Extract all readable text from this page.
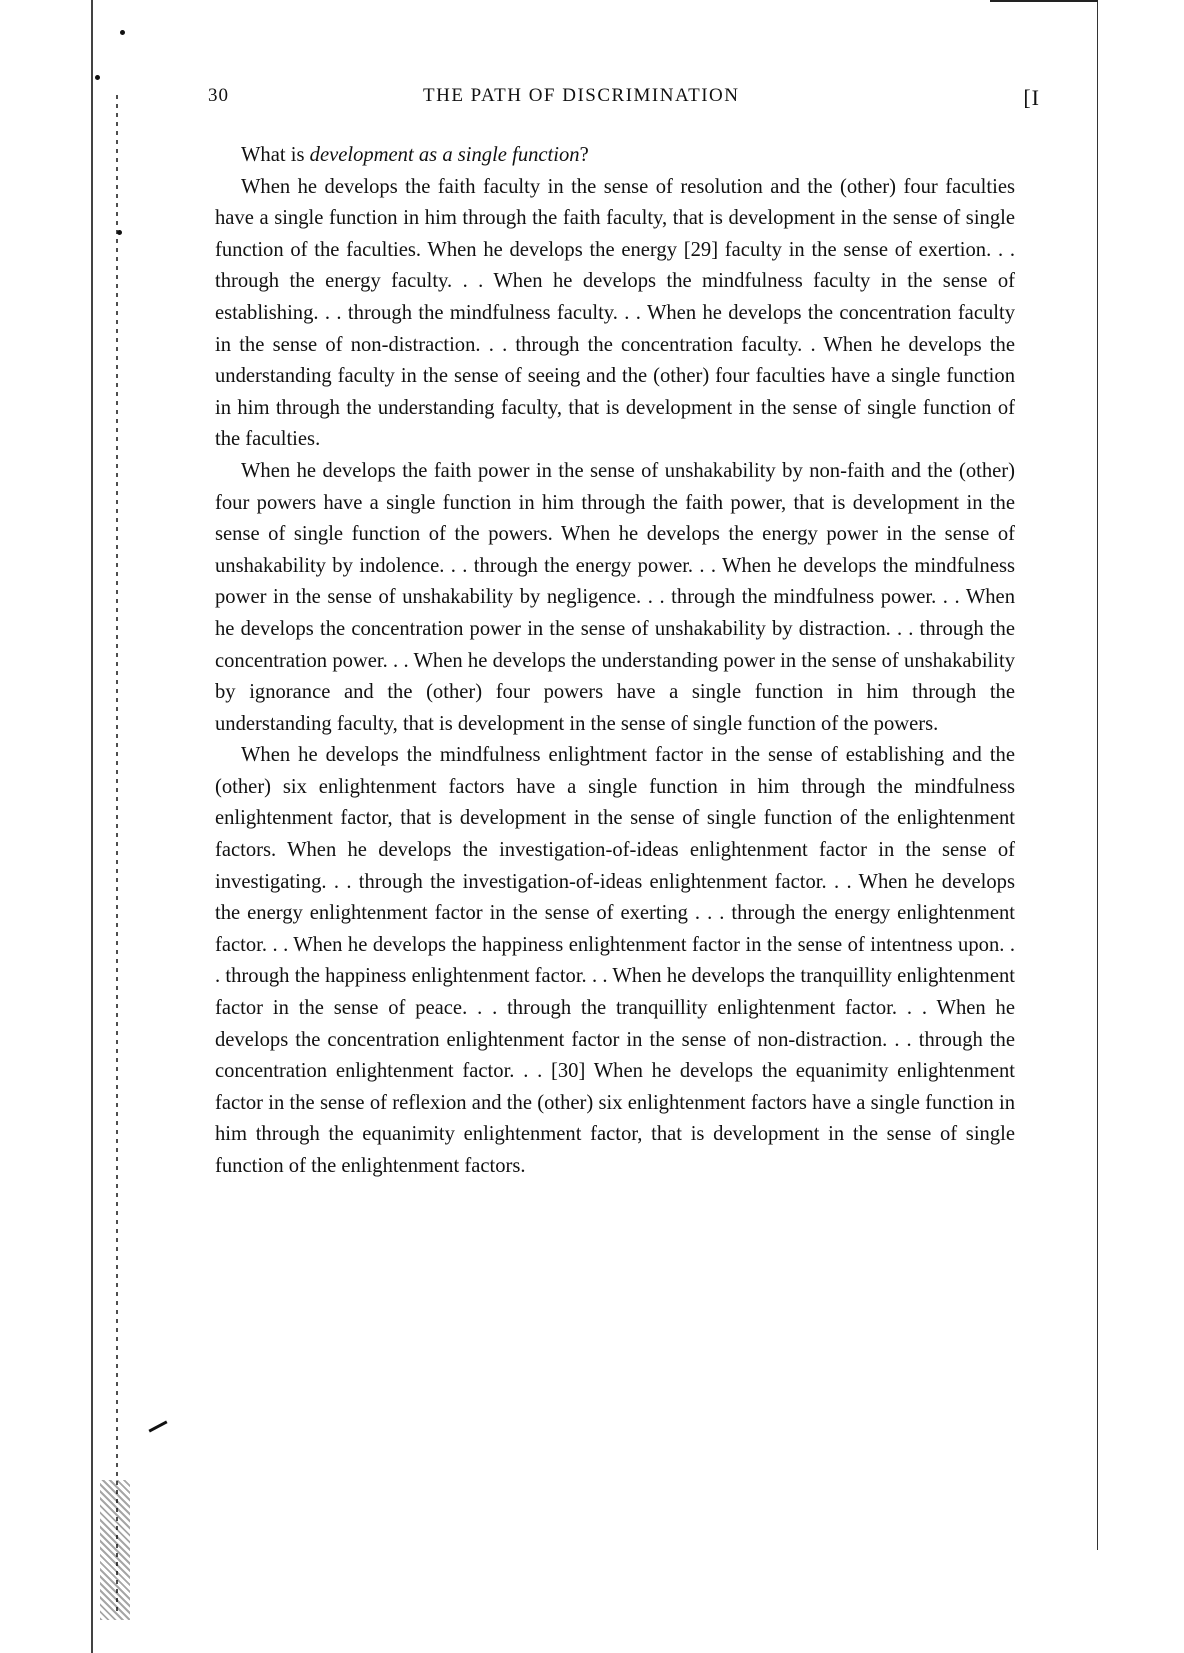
30	THE PATH OF DISCRIMINATION	[I

What is development as a single function?

When he develops the faith faculty in the sense of resolution and the (other) four faculties have a single function in him through the faith faculty, that is development in the sense of single function of the faculties. When he develops the energy [29] faculty in the sense of exertion. . . through the energy faculty. . . When he develops the mindfulness faculty in the sense of establishing. . . through the mindfulness faculty. . . When he develops the concentration faculty in the sense of non-distraction. . . through the concentration faculty. . When he develops the understanding faculty in the sense of seeing and the (other) four faculties have a single function in him through the understanding faculty, that is development in the sense of single function of the faculties.

When he develops the faith power in the sense of unshakability by non-faith and the (other) four powers have a single function in him through the faith power, that is development in the sense of single function of the powers. When he develops the energy power in the sense of unshakability by indolence. . . through the energy power. . . When he develops the mindfulness power in the sense of unshakability by negligence. . . through the mindfulness power. . . When he develops the concentration power in the sense of unshakability by distraction. . . through the concentration power. . . When he develops the understanding power in the sense of unshakability by ignorance and the (other) four powers have a single function in him through the understanding faculty, that is development in the sense of single function of the powers.

When he develops the mindfulness enlightment factor in the sense of establishing and the (other) six enlightenment factors have a single function in him through the mindfulness enlightenment factor, that is development in the sense of single function of the enlightenment factors. When he develops the investigation-of-ideas enlightenment factor in the sense of investigating. . . through the investigation-of-ideas enlightenment factor. . . When he develops the energy enlightenment factor in the sense of exerting . . . through the energy enlightenment factor. . . When he develops the happiness enlightenment factor in the sense of intentness upon. . . through the happiness enlightenment factor. . . When he develops the tranquillity enlightenment factor in the sense of peace. . . through the tranquillity enlightenment factor. . . When he develops the concentration enlightenment factor in the sense of non-distraction. . . through the concentration enlightenment factor. . . [30] When he develops the equanimity enlightenment factor in the sense of reflexion and the (other) six enlightenment factors have a single function in him through the equanimity enlightenment factor, that is development in the sense of single function of the enlightenment factors.
